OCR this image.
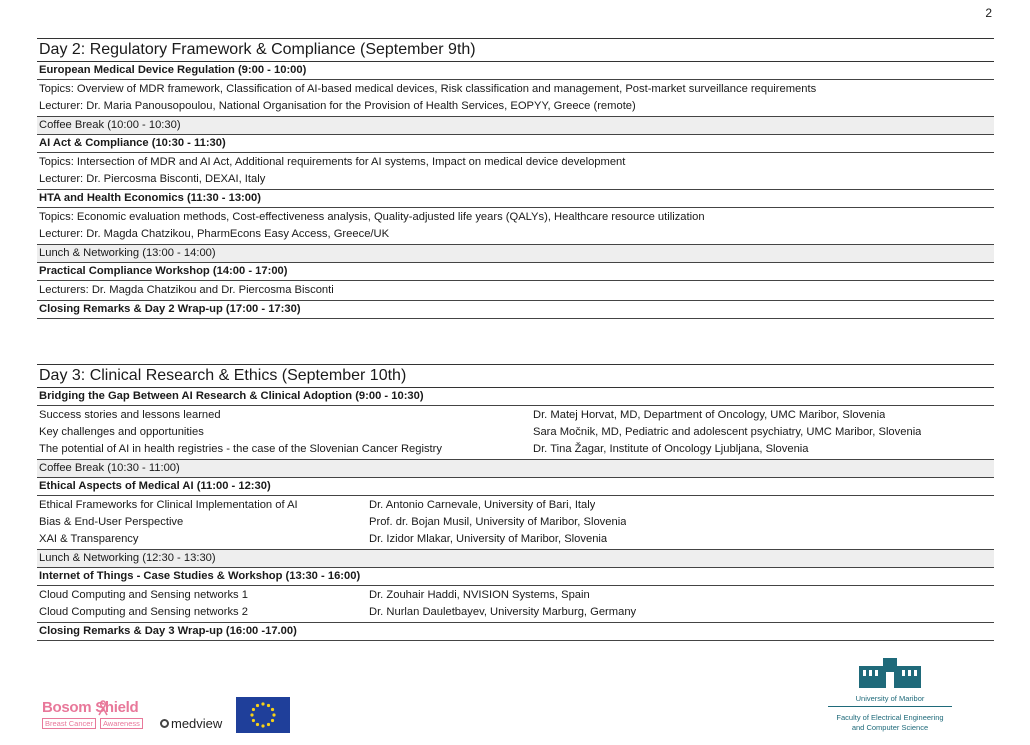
2
Day 2: Regulatory Framework & Compliance (September 9th)
European Medical Device Regulation (9:00 - 10:00)
Topics: Overview of MDR framework, Classification of AI-based medical devices, Risk classification and management, Post-market surveillance requirements
Lecturer: Dr. Maria Panousopoulou, National Organisation for the Provision of Health Services, EOPYY, Greece (remote)
Coffee Break (10:00 - 10:30)
AI Act & Compliance (10:30 - 11:30)
Topics: Intersection of MDR and AI Act, Additional requirements for AI systems, Impact on medical device development
Lecturer: Dr. Piercosma Bisconti, DEXAI, Italy
HTA and Health Economics (11:30 - 13:00)
Topics: Economic evaluation methods, Cost-effectiveness analysis, Quality-adjusted life years (QALYs), Healthcare resource utilization
Lecturer: Dr. Magda Chatzikou, PharmEcons Easy Access, Greece/UK
Lunch & Networking (13:00 - 14:00)
Practical Compliance Workshop (14:00 - 17:00)
Lecturers: Dr. Magda Chatzikou and Dr. Piercosma Bisconti
Closing Remarks & Day 2 Wrap-up (17:00 - 17:30)
Day 3: Clinical Research & Ethics (September 10th)
Bridging the Gap Between AI Research & Clinical Adoption (9:00 - 10:30)
Success stories and lessons learned	Dr. Matej Horvat, MD, Department of Oncology, UMC Maribor, Slovenia
Key challenges and opportunities	Sara Močnik, MD, Pediatric and adolescent psychiatry, UMC Maribor, Slovenia
The potential of AI in health registries - the case of the Slovenian Cancer Registry	Dr. Tina Žagar, Institute of Oncology Ljubljana, Slovenia
Coffee Break (10:30 - 11:00)
Ethical Aspects of Medical AI (11:00 - 12:30)
Ethical Frameworks for Clinical Implementation of AI	Dr. Antonio Carnevale, University of Bari, Italy
Bias & End-User Perspective	Prof. dr. Bojan Musil, University of Maribor, Slovenia
XAI & Transparency	Dr. Izidor Mlakar, University of Maribor, Slovenia
Lunch & Networking (12:30 - 13:30)
Internet of Things - Case Studies & Workshop (13:30 - 16:00)
Cloud Computing and Sensing networks 1	Dr. Zouhair Haddi, NVISION Systems, Spain
Cloud Computing and Sensing networks 2	Dr. Nurlan Dauletbayev, University Marburg, Germany
Closing Remarks & Day 3 Wrap-up (16:00 -17.00)
Bosom Shield
Breast Cancer Awareness	medview
University of Maribor
Faculty of Electrical Engineering
and Computer Science
